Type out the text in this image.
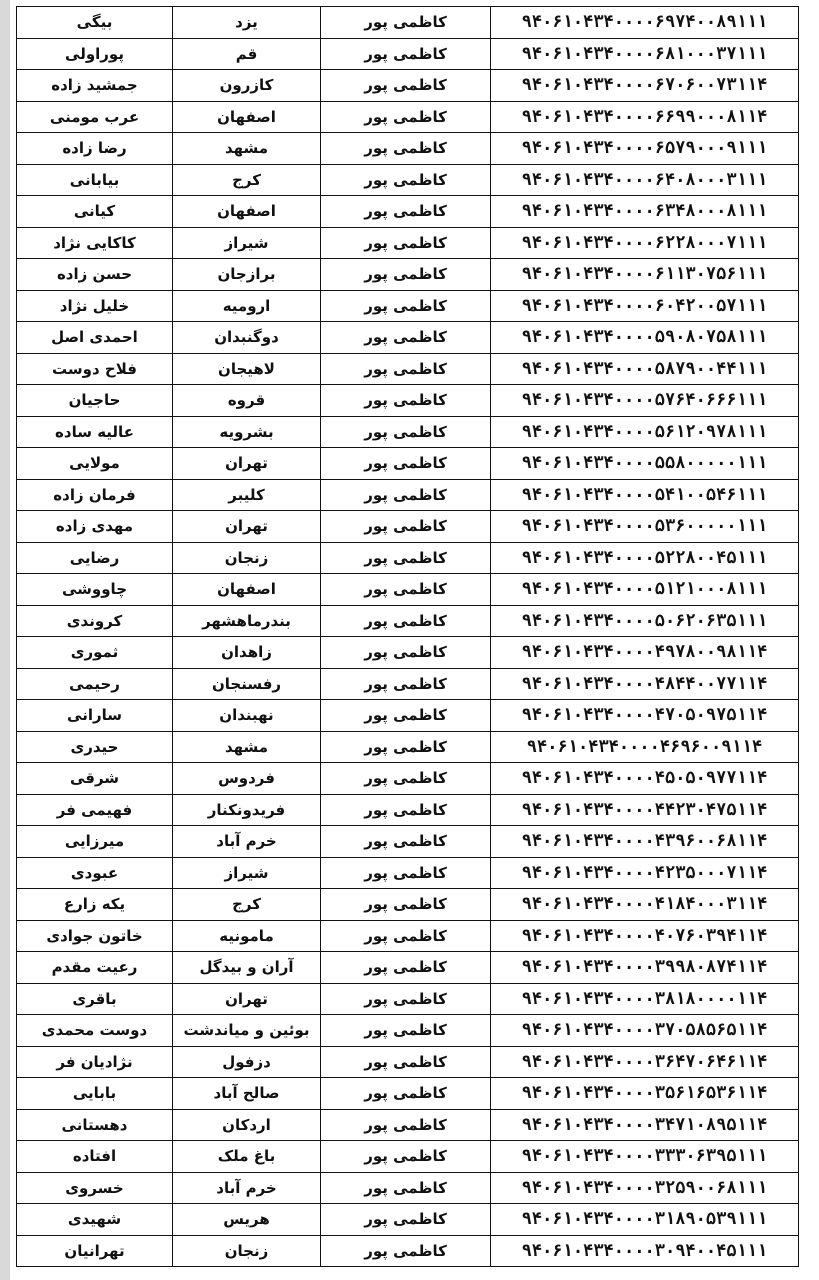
۹۴۰۶۱۰۴۳۴۰۰۰۰۶۹۷۴۰۰۸۹۱۱۱	کاظمی پور	یزد	بیگی
۹۴۰۶۱۰۴۳۴۰۰۰۰۶۸۱۰۰۰۳۷۱۱۱	کاظمی پور	قم	پوراولی
۹۴۰۶۱۰۴۳۴۰۰۰۰۶۷۰۶۰۰۷۳۱۱۴	کاظمی پور	کازرون	جمشید زاده
۹۴۰۶۱۰۴۳۴۰۰۰۰۶۶۹۹۰۰۰۸۱۱۴	کاظمی پور	اصفهان	عرب مومنی
۹۴۰۶۱۰۴۳۴۰۰۰۰۶۵۷۹۰۰۰۹۱۱۱	کاظمی پور	مشهد	رضا زاده
۹۴۰۶۱۰۴۳۴۰۰۰۰۶۴۰۸۰۰۰۳۱۱۱	کاظمی پور	کرج	بیابانی
۹۴۰۶۱۰۴۳۴۰۰۰۰۶۳۴۸۰۰۰۸۱۱۱	کاظمی پور	اصفهان	کیانی
۹۴۰۶۱۰۴۳۴۰۰۰۰۶۲۲۸۰۰۰۷۱۱۱	کاظمی پور	شیراز	کاکایی نژاد
۹۴۰۶۱۰۴۳۴۰۰۰۰۶۱۱۳۰۷۵۶۱۱۱	کاظمی پور	برازجان	حسن زاده
۹۴۰۶۱۰۴۳۴۰۰۰۰۶۰۴۲۰۰۵۷۱۱۱	کاظمی پور	ارومیه	خلیل نژاد
۹۴۰۶۱۰۴۳۴۰۰۰۰۵۹۰۸۰۷۵۸۱۱۱	کاظمی پور	دوگنبدان	احمدی اصل
۹۴۰۶۱۰۴۳۴۰۰۰۰۵۸۷۹۰۰۴۴۱۱۱	کاظمی پور	لاهیجان	فلاح دوست
۹۴۰۶۱۰۴۳۴۰۰۰۰۵۷۶۴۰۶۶۶۱۱۱	کاظمی پور	قروه	حاجیان
۹۴۰۶۱۰۴۳۴۰۰۰۰۵۶۱۲۰۹۷۸۱۱۱	کاظمی پور	بشرویه	عالیه ساده
۹۴۰۶۱۰۴۳۴۰۰۰۰۵۵۸۰۰۰۰۰۱۱۱	کاظمی پور	تهران	مولایی
۹۴۰۶۱۰۴۳۴۰۰۰۰۵۴۱۰۰۵۴۶۱۱۱	کاظمی پور	کلیبر	فرمان زاده
۹۴۰۶۱۰۴۳۴۰۰۰۰۵۳۶۰۰۰۰۰۱۱۱	کاظمی پور	تهران	مهدی زاده
۹۴۰۶۱۰۴۳۴۰۰۰۰۵۲۲۸۰۰۴۵۱۱۱	کاظمی پور	زنجان	رضایی
۹۴۰۶۱۰۴۳۴۰۰۰۰۵۱۲۱۰۰۰۸۱۱۱	کاظمی پور	اصفهان	چاووشی
۹۴۰۶۱۰۴۳۴۰۰۰۰۵۰۶۲۰۶۳۵۱۱۱	کاظمی پور	بندرماهشهر	کروندی
۹۴۰۶۱۰۴۳۴۰۰۰۰۴۹۷۸۰۰۹۸۱۱۴	کاظمی پور	زاهدان	ثموری
۹۴۰۶۱۰۴۳۴۰۰۰۰۴۸۴۴۰۰۷۷۱۱۴	کاظمی پور	رفسنجان	رحیمی
۹۴۰۶۱۰۴۳۴۰۰۰۰۴۷۰۵۰۹۷۵۱۱۴	کاظمی پور	نهبندان	سارانی
۹۴۰۶۱۰۴۳۴۰۰۰۰۴۶۹۶۰۰۹۱۱۴	کاظمی پور	مشهد	حیدری
۹۴۰۶۱۰۴۳۴۰۰۰۰۴۵۰۵۰۹۷۷۱۱۴	کاظمی پور	فردوس	شرقی
۹۴۰۶۱۰۴۳۴۰۰۰۰۴۴۲۳۰۴۷۵۱۱۴	کاظمی پور	فریدونکنار	فهیمی فر
۹۴۰۶۱۰۴۳۴۰۰۰۰۴۳۹۶۰۰۶۸۱۱۴	کاظمی پور	خرم آباد	میرزایی
۹۴۰۶۱۰۴۳۴۰۰۰۰۴۲۳۵۰۰۰۷۱۱۴	کاظمی پور	شیراز	عبودی
۹۴۰۶۱۰۴۳۴۰۰۰۰۴۱۸۴۰۰۰۳۱۱۴	کاظمی پور	کرج	یکه زارع
۹۴۰۶۱۰۴۳۴۰۰۰۰۴۰۷۶۰۳۹۴۱۱۴	کاظمی پور	مامونیه	خاتون جوادی
۹۴۰۶۱۰۴۳۴۰۰۰۰۳۹۹۸۰۸۷۴۱۱۴	کاظمی پور	آران و بیدگل	رعیت مقدم
۹۴۰۶۱۰۴۳۴۰۰۰۰۳۸۱۸۰۰۰۰۱۱۴	کاظمی پور	تهران	باقری
۹۴۰۶۱۰۴۳۴۰۰۰۰۳۷۰۵۸۵۶۵۱۱۴	کاظمی پور	بوئین و میاندشت	دوست محمدی
۹۴۰۶۱۰۴۳۴۰۰۰۰۳۶۴۷۰۶۴۶۱۱۴	کاظمی پور	دزفول	نژادیان فر
۹۴۰۶۱۰۴۳۴۰۰۰۰۳۵۶۱۶۵۳۶۱۱۴	کاظمی پور	صالح آباد	بابایی
۹۴۰۶۱۰۴۳۴۰۰۰۰۳۴۷۱۰۸۹۵۱۱۴	کاظمی پور	اردکان	دهستانی
۹۴۰۶۱۰۴۳۴۰۰۰۰۳۳۳۰۶۳۹۵۱۱۱	کاظمی پور	باغ ملک	افتاده
۹۴۰۶۱۰۴۳۴۰۰۰۰۳۲۵۹۰۰۶۸۱۱۱	کاظمی پور	خرم آباد	خسروی
۹۴۰۶۱۰۴۳۴۰۰۰۰۳۱۸۹۰۵۳۹۱۱۱	کاظمی پور	هریس	شهیدی
۹۴۰۶۱۰۴۳۴۰۰۰۰۳۰۹۴۰۰۴۵۱۱۱	کاظمی پور	زنجان	تهرانیان
